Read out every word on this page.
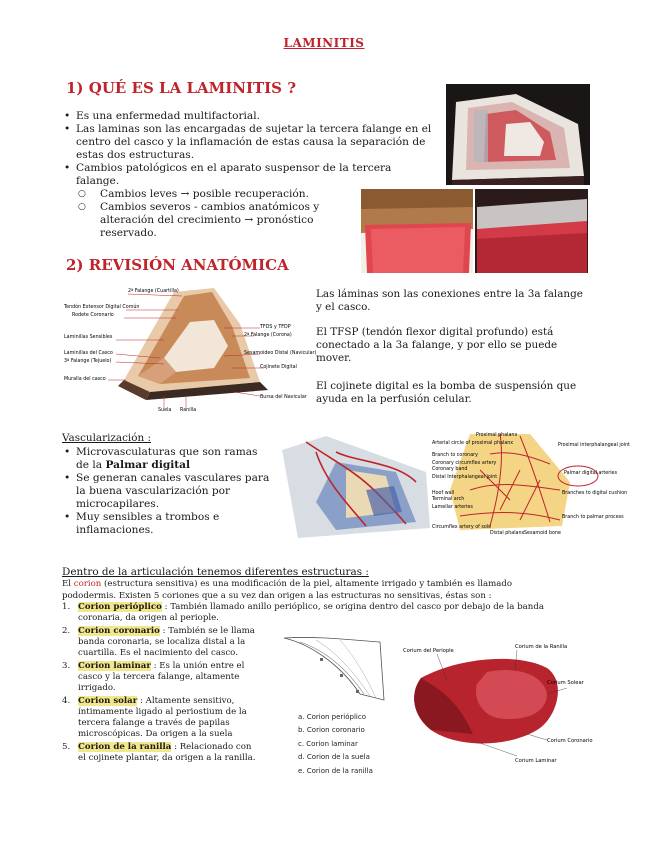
LAMINITIS
1) QUÉ ES LA LAMINITIS ?
• Es una enfermedad multifactorial.
• Las laminas son las encargadas de sujetar la tercera falange en el centro del casco y la inflamación de estas causa la separación de estas dos estructuras.
• Cambios patológicos en el aparato suspensor de la tercera falange.
○ Cambios leves → posible recuperación.
○ Cambios severos - cambios anatómicos y alteración del crecimiento → pronóstico reservado.
2) REVISIÓN ANATÓMICA
2ª Falange (Cuartilla)
Tendón Extensor Digital Común
Rodete Coronario
Laminillas Sensibles
Laminillas del Casco
3ª Falange (Tejuelo)
Muralla del casco
TFDS y TFDP
2ª Falange (Corona)
Sesamoideo Distal (Navicular)
Cojinete Digital
Bursa del Navicular
Suela Ranilla
Las láminas son las conexiones entre la 3a falange y el casco.
El TFSP (tendón flexor digital profundo) está conectado a la 3a falange, y por ello se puede mover.
El cojinete digital es la bomba de suspensión que ayuda en la perfusión celular.
Vascularización :
• Microvasculaturas que son ramas de la Palmar digital
• Se generan canales vasculares para la buena vascularización por microcapilares.
• Muy sensibles a trombos e inflamaciones.
Proximal phalanx
Arterial circle of proximal phalanx
Branch to coronary
Coronary circumflex artery
Coronary band
Distal Interphalangeal joint
Hoof wall
Terminal arch
Lamellar arteries
Circumflex artery of sole
Distal phalanx Sesamoid bone
Proximal interphalangeal joint
Palmar digital arteries
Branches to digital cushion
Branch to palmar process
Dentro de la articulación tenemos diferentes estructuras :
El corion (estructura sensitiva) es una modificación de la piel, altamente irrigado y también es llamado pododermis. Existen 5 coriones que a su vez dan origen a las estructuras no sensitivas, éstas son :
1. Corion perióplico : También llamado anillo perióplico, se origina dentro del casco por debajo de la banda coronaria, da origen al periople.
2. Corion coronario : También se le llama banda coronaria, se localiza distal a la cuartilla. Es el nacimiento del casco.
3. Corion laminar : Es la unión entre el casco y la tercera falange, altamente irrigado.
4. Corion solar : Altamente sensitivo, íntimamente ligado al periostium de la tercera falange a través de papilas microscópicas. Da origen a la suela
5. Corion de la ranilla : Relacionado con el cojinete plantar, da origen a la ranilla.
a. Corion perióplico
b. Corion coronario
c. Corion laminar
d. Corion de la suela
e. Corion de la ranilla
Corium del Periople
Corium de la Ranilla
Corium Solear
Corium Coronario
Corium Laminar
